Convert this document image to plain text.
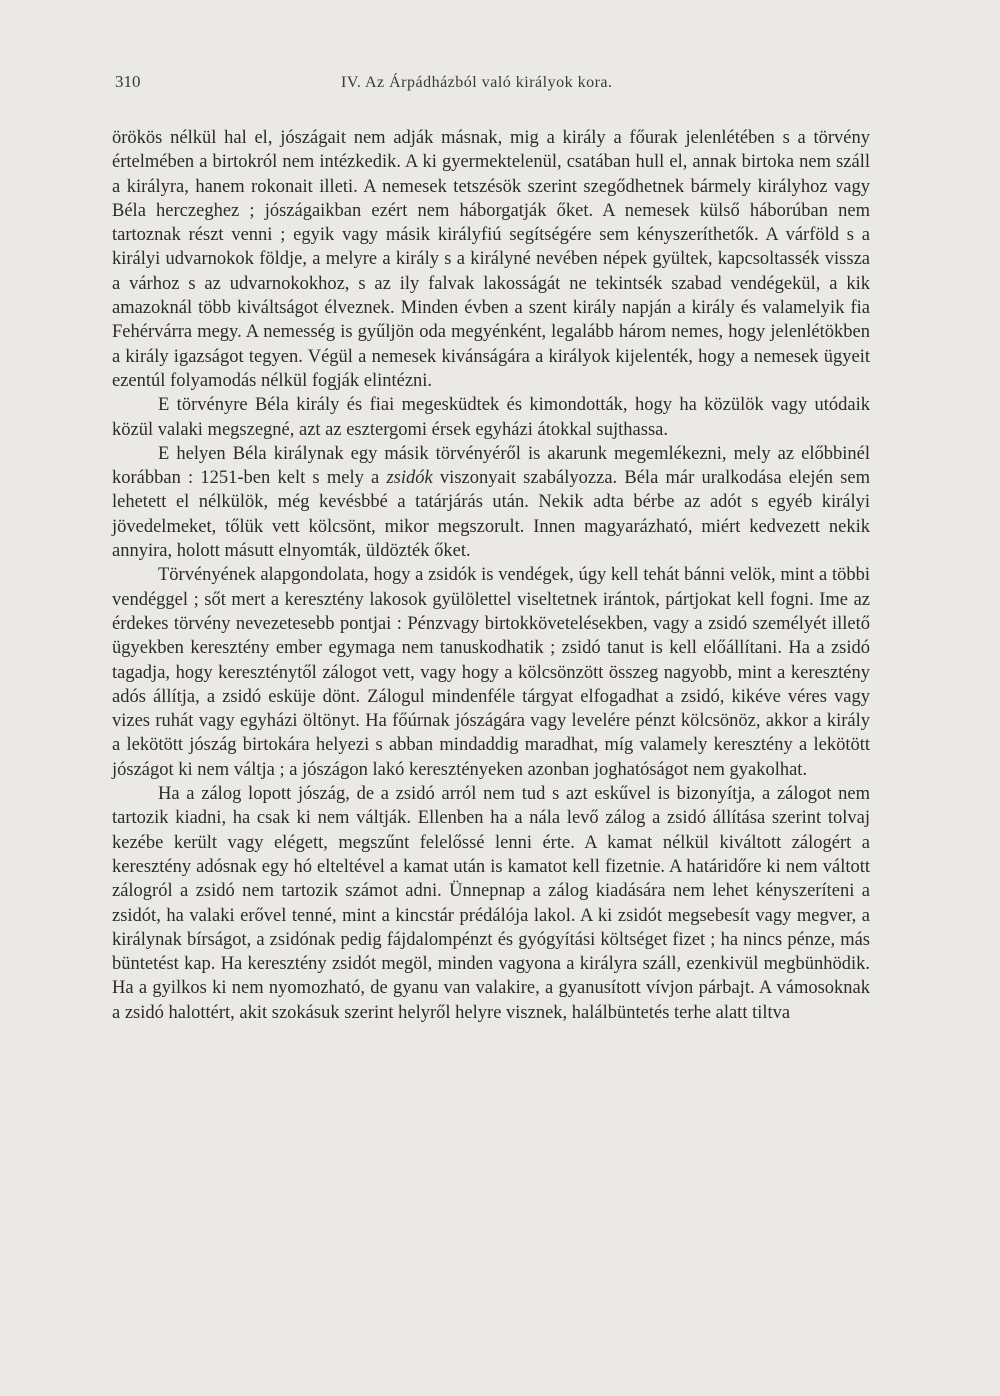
310	IV. Az Árpádházból való királyok kora.

örökös nélkül hal el, jószágait nem adják másnak, mig a király a főurak jelenlétében s a törvény értelmében a birtokról nem intézkedik. A ki gyermektelenül, csatában hull el, annak birtoka nem száll a királyra, hanem rokonait illeti. A nemesek tetszésök szerint szegődhetnek bármely királyhoz vagy Béla herczeghez ; jószágaikban ezért nem háborgatják őket. A nemesek külső háborúban nem tartoznak részt venni ; egyik vagy másik királyfiú segítségére sem kényszeríthetők. A várföld s a királyi udvarnokok földje, a melyre a király s a királyné nevében népek gyültek, kapcsoltassék vissza a várhoz s az udvarnokokhoz, s az ily falvak lakosságát ne tekintsék szabad vendégekül, a kik amazoknál több kiváltságot élveznek. Minden évben a szent király napján a király és valamelyik fia Fehérvárra megy. A nemesség is gyűljön oda megyénként, legalább három nemes, hogy jelenlétökben a király igazságot tegyen. Végül a nemesek kivánságára a királyok kijelenték, hogy a nemesek ügyeit ezentúl folyamodás nélkül fogják elintézni.

E törvényre Béla király és fiai megesküdtek és kimondották, hogy ha közülök vagy utódaik közül valaki megszegné, azt az esztergomi érsek egyházi átokkal sujthassa.

E helyen Béla királynak egy másik törvényéről is akarunk megemlékezni, mely az előbbinél korábban : 1251-ben kelt s mely a zsidók viszonyait szabályozza. Béla már uralkodása elején sem lehetett el nélkülök, még kevésbbé a tatárjárás után. Nekik adta bérbe az adót s egyéb királyi jövedelmeket, tőlük vett kölcsönt, mikor megszorult. Innen magyarázható, miért kedvezett nekik annyira, holott másutt elnyomták, üldözték őket.

Törvényének alapgondolata, hogy a zsidók is vendégek, úgy kell tehát bánni velök, mint a többi vendéggel ; sőt mert a keresztény lakosok gyülölettel viseltetnek irántok, pártjokat kell fogni. Ime az érdekes törvény nevezetesebb pontjai : Pénzvagy birtokkövetelésekben, vagy a zsidó személyét illető ügyekben keresztény ember egymaga nem tanuskodhatik ; zsidó tanut is kell előállítani. Ha a zsidó tagadja, hogy kereszténytől zálogot vett, vagy hogy a kölcsönzött összeg nagyobb, mint a keresztény adós állítja, a zsidó esküje dönt. Zálogul mindenféle tárgyat elfogadhat a zsidó, kikéve véres vagy vizes ruhát vagy egyházi öltönyt. Ha főúrnak jószágára vagy levelére pénzt kölcsönöz, akkor a király a lekötött jószág birtokára helyezi s abban mindaddig maradhat, míg valamely keresztény a lekötött jószágot ki nem váltja ; a jószágon lakó keresztényeken azonban joghatóságot nem gyakolhat.

Ha a zálog lopott jószág, de a zsidó arról nem tud s azt eskűvel is bizonyítja, a zálogot nem tartozik kiadni, ha csak ki nem váltják. Ellenben ha a nála levő zálog a zsidó állítása szerint tolvaj kezébe került vagy elégett, megszűnt felelőssé lenni érte. A kamat nélkül kiváltott zálogért a keresztény adósnak egy hó elteltével a kamat után is kamatot kell fizetnie. A határidőre ki nem váltott zálogról a zsidó nem tartozik számot adni. Ünnepnap a zálog kiadására nem lehet kényszeríteni a zsidót, ha valaki erővel tenné, mint a kincstár prédálója lakol. A ki zsidót megsebesít vagy megver, a királynak bírságot, a zsidónak pedig fájdalompénzt és gyógyítási költséget fizet ; ha nincs pénze, más büntetést kap. Ha keresztény zsidót megöl, minden vagyona a királyra száll, ezenkivül megbünhödik. Ha a gyilkos ki nem nyomozható, de gyanu van valakire, a gyanusított vívjon párbajt. A vámosoknak a zsidó halottért, akit szokásuk szerint helyről helyre visznek, halálbüntetés terhe alatt tiltva
